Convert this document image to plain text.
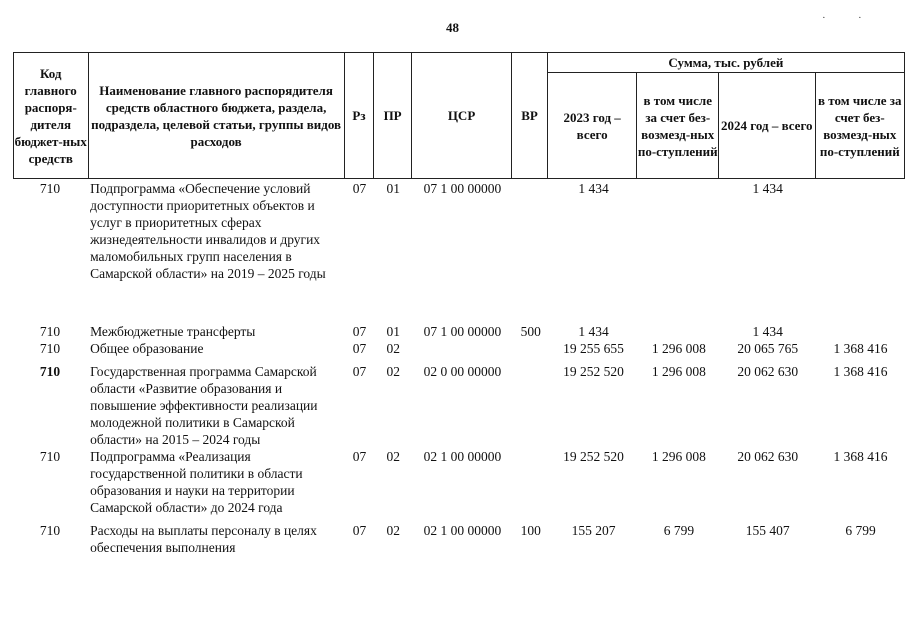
48
·	·
Код главного распоря-дителя бюджет-ных средств	Наименование главного распорядителя средств областного бюджета, раздела, подраздела, целевой статьи, группы видов расходов	Рз	ПР	ЦСР	ВР	Сумма, тыс. рублей			
						2023 год – всего	в том числе за счет без-возмезд-ных по-ступлений	2024 год – всего	в том числе за счет без-возмезд-ных по-ступлений
710	Подпрограмма «Обеспечение условий доступности приоритетных объектов и услуг в приоритетных сферах жизнедеятельности инвалидов и других маломобильных групп населения в Самарской области» на 2019 – 2025 годы	07	01	07 1 00 00000		1 434		1 434	
710	Межбюджетные трансферты	07	01	07 1 00 00000	500	1 434		1 434	
710	Общее образование	07	02			19 255 655	1 296 008	20 065 765	1 368 416

710	Государственная программа Самарской области «Развитие образования и повышение эффективности реализации молодежной политики в Самарской области» на 2015 – 2024 годы	07	02	02 0 00 00000		19 252 520	1 296 008	20 062 630	1 368 416
710	Подпрограмма «Реализация государственной политики в области образования и науки на территории Самарской области» до 2024 года	07	02	02 1 00 00000		19 252 520	1 296 008	20 062 630	1 368 416

710	Расходы на выплаты персоналу в целях обеспечения выполнения	07	02	02 1 00 00000	100	155 207	6 799	155 407	6 799
